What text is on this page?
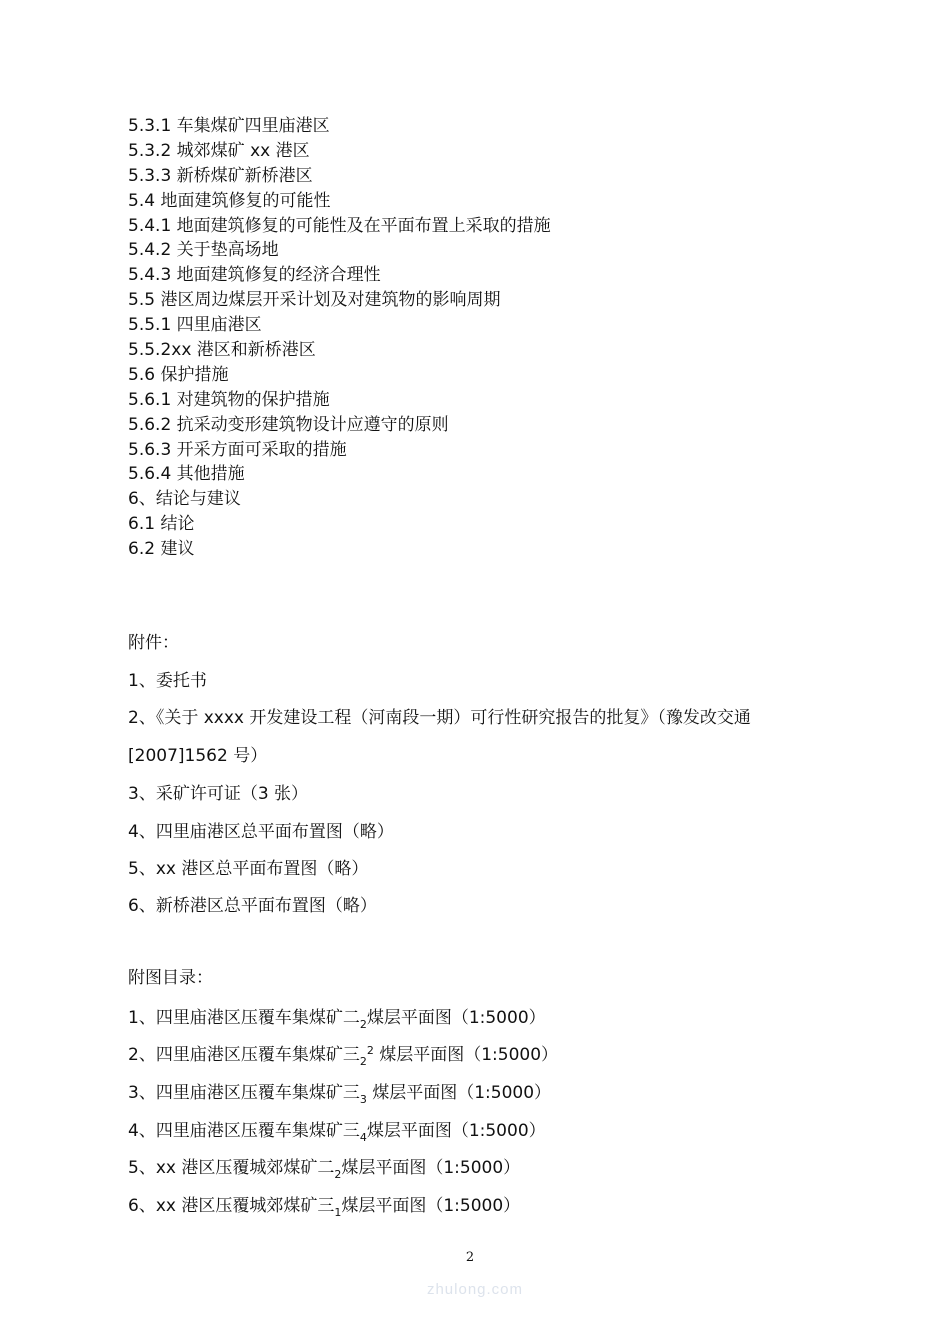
5.3.1 车集煤矿四里庙港区
5.3.2 城郊煤矿 xx 港区
5.3.3 新桥煤矿新桥港区
5.4 地面建筑修复的可能性
5.4.1 地面建筑修复的可能性及在平面布置上采取的措施
5.4.2 关于垫高场地
5.4.3 地面建筑修复的经济合理性
5.5 港区周边煤层开采计划及对建筑物的影响周期
5.5.1 四里庙港区
5.5.2xx 港区和新桥港区
5.6 保护措施
5.6.1 对建筑物的保护措施
5.6.2 抗采动变形建筑物设计应遵守的原则
5.6.3 开采方面可采取的措施
5.6.4 其他措施
6、结论与建议
6.1 结论
6.2 建议
附件：
1、委托书
2、《关于 xxxx 开发建设工程（河南段一期）可行性研究报告的批复》（豫发改交通
[2007]1562 号）
3、采矿许可证（3 张）
4、四里庙港区总平面布置图（略）
5、xx 港区总平面布置图（略）
6、新桥港区总平面布置图（略）
附图目录：
1、四里庙港区压覆车集煤矿二$_2$煤层平面图（1:5000）
2、四里庙港区压覆车集煤矿三$_2^2$ 煤层平面图（1:5000）
3、四里庙港区压覆车集煤矿三$_3$ 煤层平面图（1:5000）
4、四里庙港区压覆车集煤矿三$_4$煤层平面图（1:5000）
5、xx 港区压覆城郊煤矿二$_2$煤层平面图（1:5000）
6、xx 港区压覆城郊煤矿三$_1$煤层平面图（1:5000）
2
zhulong.com
